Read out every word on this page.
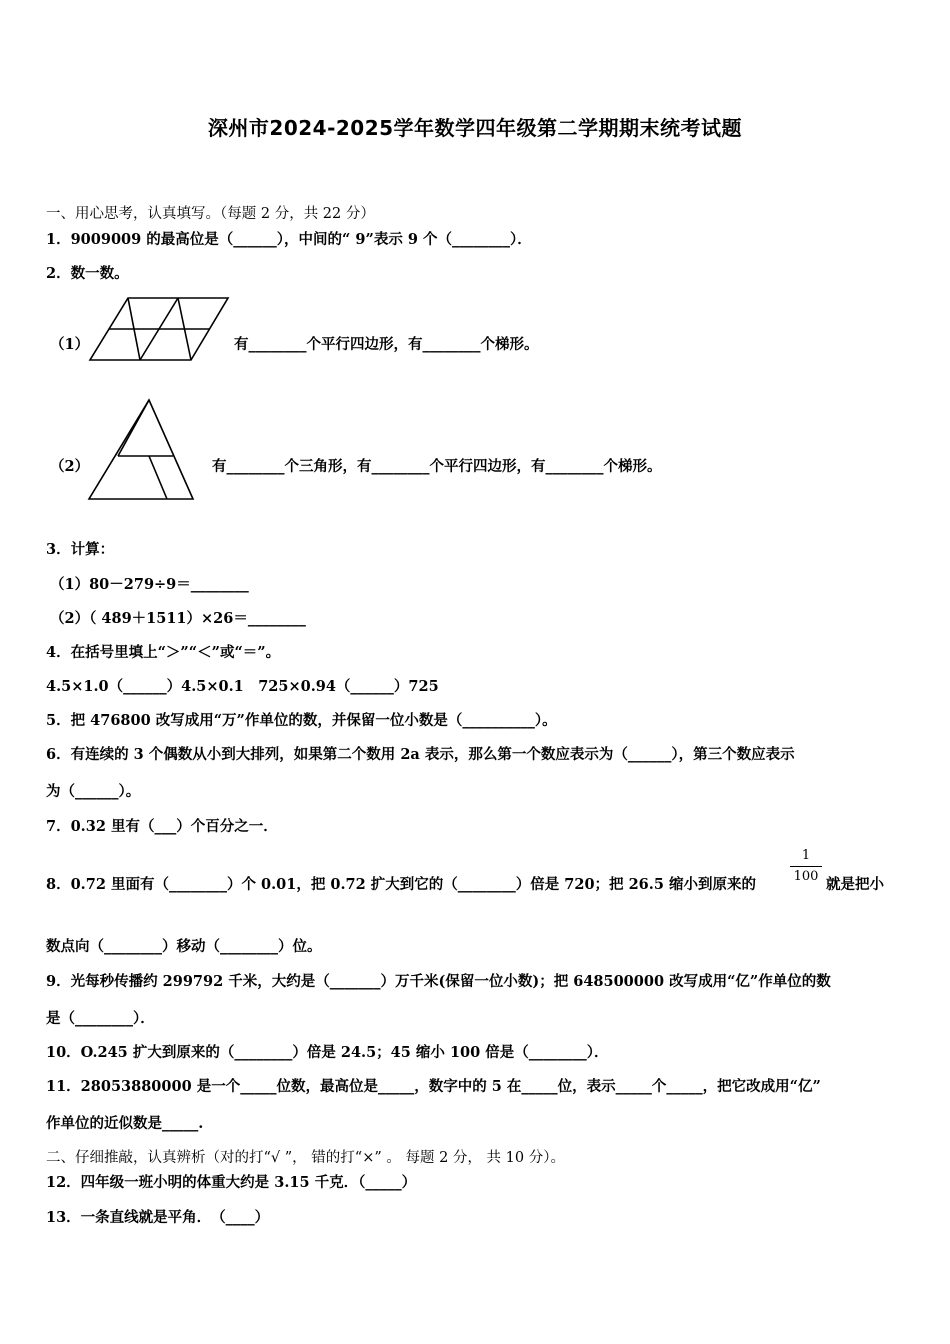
深州市2024-2025学年数学四年级第二学期期末统考试题
一、用心思考，认真填写。（每题 2 分，共 22 分）
1．9009009 的最高位是（______），中间的“ 9”表示 9 个（________）．
2．数一数。
（1）	有________个平行四边形，有________个梯形。
（2）	有________个三角形，有________个平行四边形，有________个梯形。
3．计算：
（1）80－279÷9＝________
（2）（ 489＋1511）×26＝________
4．在括号里填上“＞”“＜”或“＝”。
4.5×1.0（______）4.5×0.1　725×0.94（______）725
5．把 476800 改写成用“万”作单位的数，并保留一位小数是（__________）。
6．有连续的 3 个偶数从小到大排列，如果第二个数用 2a 表示，那么第一个数应表示为（______），第三个数应表示
为（______）。
7．0.32 里有（___）个百分之一．
8．0.72 里面有（________）个 0.01，把 0.72 扩大到它的（________）倍是 720；把 26.5 缩小到原来的
1
100 就是把小
数点向（________）移动（________）位。
9．光每秒传播约 299792 千米，大约是（_______）万千米(保留一位小数)；把 648500000 改写成用“亿”作单位的数
是（________）．
10．O.245 扩大到原来的（________）倍是 24.5；45 缩小 100 倍是（________）．
11．28053880000 是一个_____位数，最高位是_____，数字中的 5 在_____位，表示_____个_____，把它改成用“亿”
作单位的近似数是_____.
二、仔细推敲，认真辨析（对的打“√ ”， 错的打“×” 。 每题 2 分， 共 10 分）。
12．四年级一班小明的体重大约是 3.15 千克．（_____）
13．一条直线就是平角．　（____）
